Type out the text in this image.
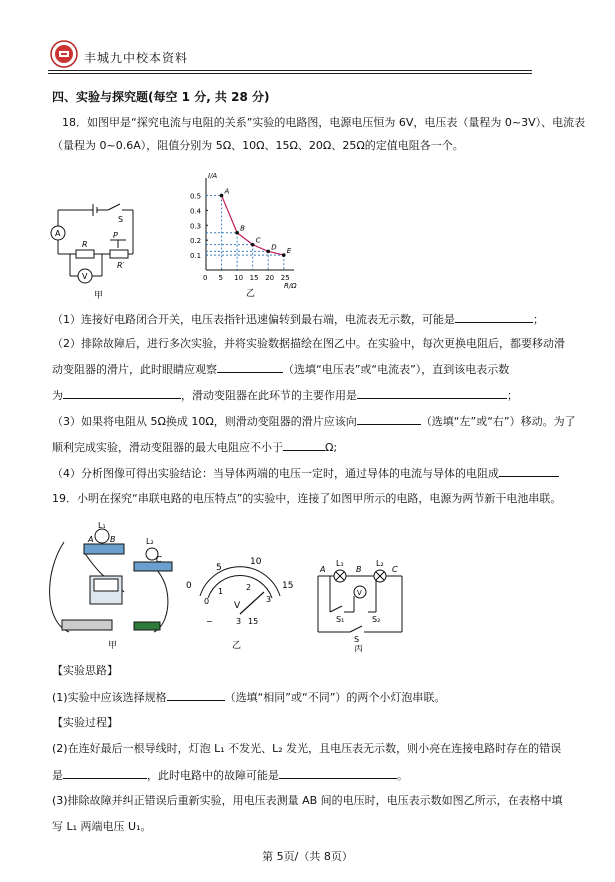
丰城九中校本资料
四、实验与探究题(每空 1 分, 共 28 分)
18．如图甲是“探究电流与电阻的关系”实验的电路图，电源电压恒为 6V，电压表（量程为 0~3V）、电流表
（量程为 0~0.6A），阻值分别为 5Ω、10Ω、15Ω、20Ω、25Ω的定值电阻各一个。
A
V
R
P
S
R′
甲
I/A
R/Ω
0.5
0.4
0.3
0.2
0.1
0 5 10 15 20 25
A
B
C
D E
乙
（1）连接好电路闭合开关，电压表指针迅速偏转到最右端，电流表无示数，可能是	；
（2）排除故障后，进行多次实验，并将实验数据描绘在图乙中。在实验中，每次更换电阻后，都要移动滑
动变阻器的滑片，此时眼睛应观察	（选填“电压表”或“电流表”），直到该电表示数
为	，滑动变阻器在此环节的主要作用是	；
（3）如果将电阻从 5Ω换成 10Ω，则滑动变阻器的滑片应该向	（选填“左”或“右”）移动。为了
顺利完成实验，滑动变阻器的最大电阻应不小于	Ω;
（4）分析图像可得出实验结论：当导体两端的电压一定时，通过导体的电流与导体的电阻成
19．小明在探究“串联电路的电压特点”的实验中，连接了如图甲所示的电路，电源为两节新干电池串联。
L₁
L₂
A B
C
甲
5
10
0	15
1	2
3
0	V
−	3 15
乙
V
A	B	C
L₁	L₂
S₁	S₂
S
丙
【实验思路】
(1)实验中应该选择规格	（选填“相同”或“不同”）的两个小灯泡串联。
【实验过程】
(2)在连好最后一根导线时，灯泡 L₁ 不发光、L₂ 发光，且电压表无示数，则小亮在连接电路时存在的错误
是	，此时电路中的故障可能是	。
(3)排除故障并纠正错误后重新实验，用电压表测量 AB 间的电压时，电压表示数如图乙所示，在表格中填
写 L₁ 两端电压 U₁。
第 5页/（共 8页）
